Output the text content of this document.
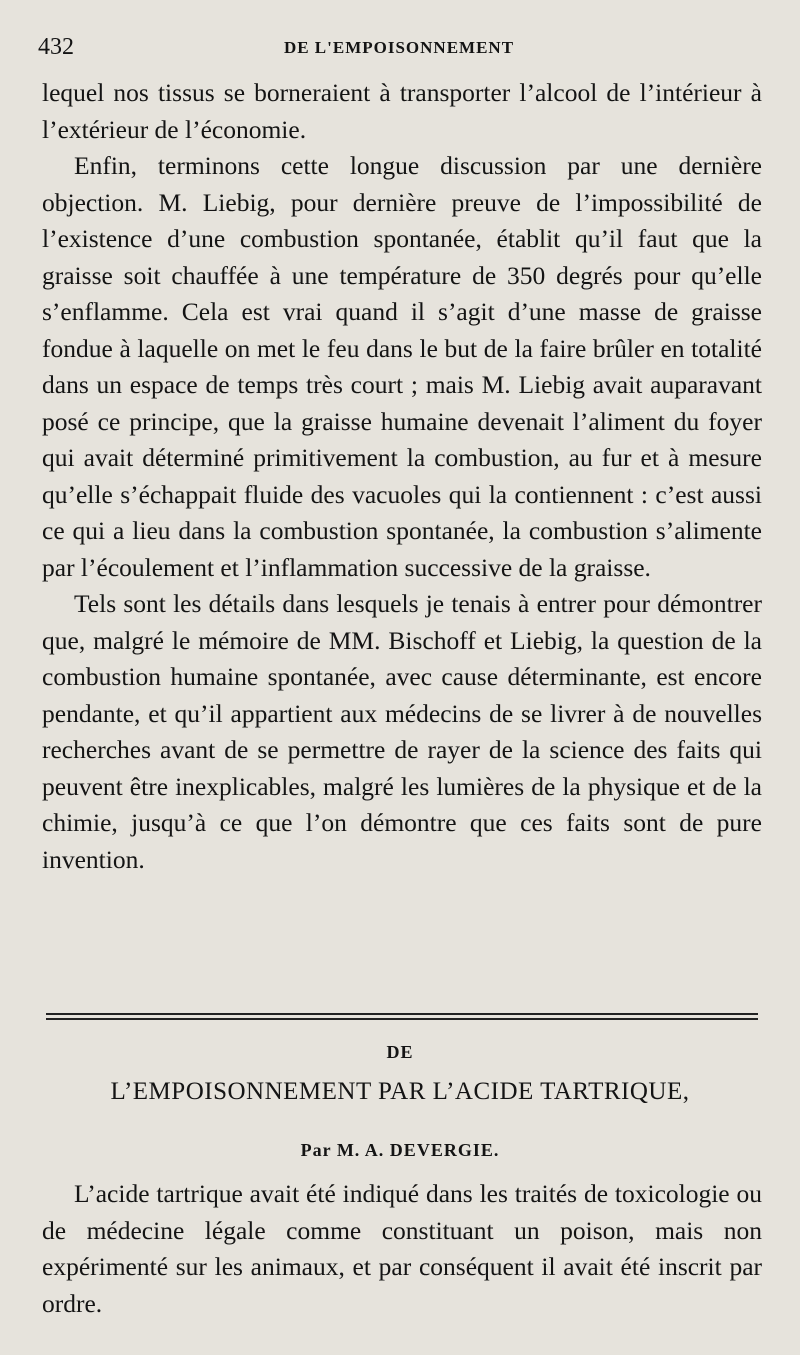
432	DE L'EMPOISONNEMENT

lequel nos tissus se borneraient à transporter l’alcool de l’intérieur à l’extérieur de l’économie.

Enfin, terminons cette longue discussion par une dernière objection. M. Liebig, pour dernière preuve de l’impossibilité de l’existence d’une combustion spontanée, établit qu’il faut que la graisse soit chauffée à une température de 350 degrés pour qu’elle s’enflamme. Cela est vrai quand il s’agit d’une masse de graisse fondue à laquelle on met le feu dans le but de la faire brûler en totalité dans un espace de temps très court ; mais M. Liebig avait auparavant posé ce principe, que la graisse humaine devenait l’aliment du foyer qui avait déterminé primitivement la combustion, au fur et à mesure qu’elle s’échappait fluide des vacuoles qui la contiennent : c’est aussi ce qui a lieu dans la combustion spontanée, la combustion s’alimente par l’écoulement et l’inflammation successive de la graisse.

Tels sont les détails dans lesquels je tenais à entrer pour démontrer que, malgré le mémoire de MM. Bischoff et Liebig, la question de la combustion humaine spontanée, avec cause déterminante, est encore pendante, et qu’il appartient aux médecins de se livrer à de nouvelles recherches avant de se permettre de rayer de la science des faits qui peuvent être inexplicables, malgré les lumières de la physique et de la chimie, jusqu’à ce que l’on démontre que ces faits sont de pure invention.

DE
L’EMPOISONNEMENT PAR L’ACIDE TARTRIQUE,
Par M. A. DEVERGIE.

L’acide tartrique avait été indiqué dans les traités de toxicologie ou de médecine légale comme constituant un poison, mais non expérimenté sur les animaux, et par conséquent il avait été inscrit par ordre.
